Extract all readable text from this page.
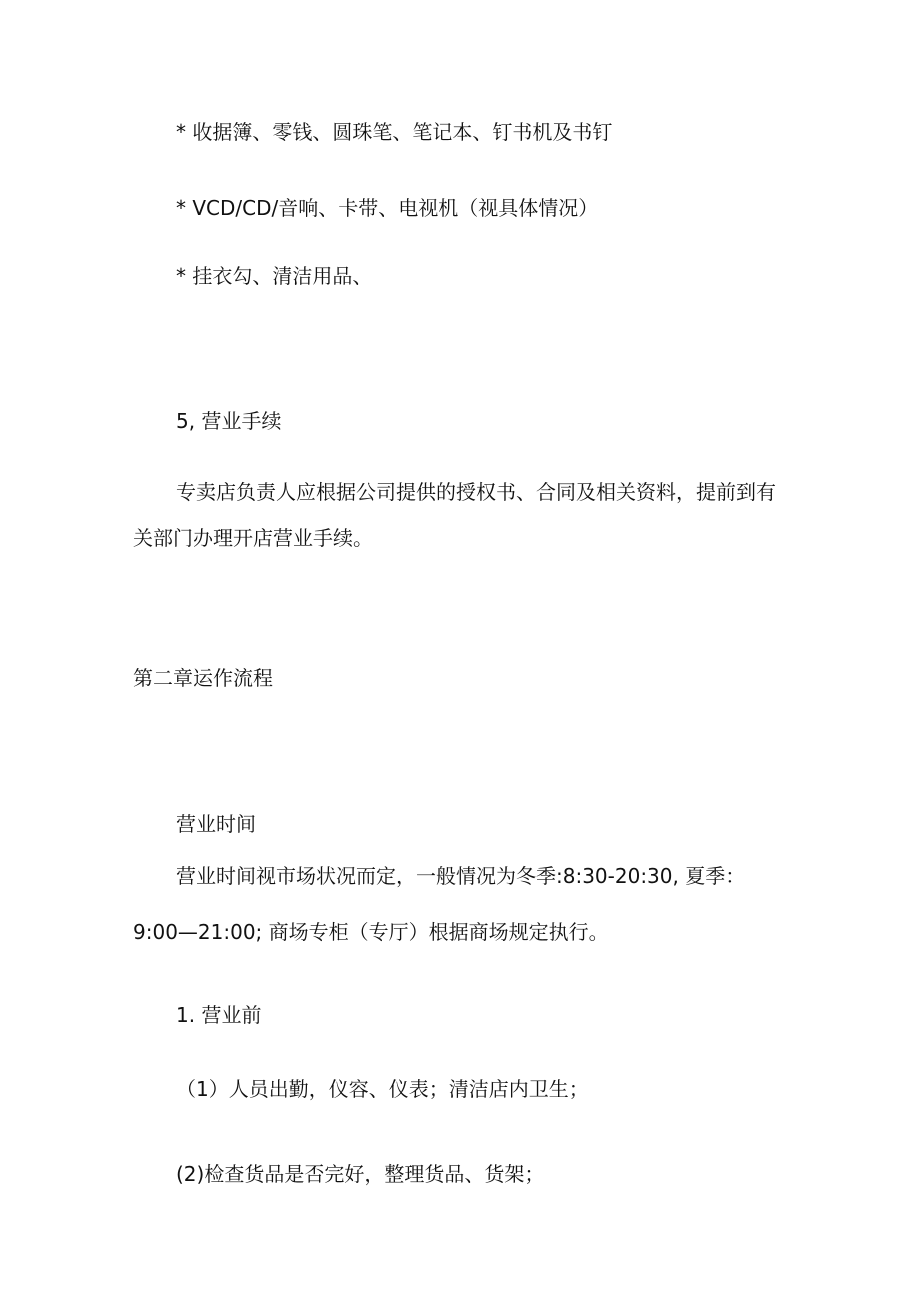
* 收据簿、零钱、圆珠笔、笔记本、钉书机及书钉
* VCD/CD/音响、卡带、电视机（视具体情况）
* 挂衣勾、清洁用品、
5, 营业手续
专卖店负责人应根据公司提供的授权书、合同及相关资料，提前到有
关部门办理开店营业手续。
第二章运作流程
营业时间
营业时间视市场状况而定，一般情况为冬季:8:30-20:30, 夏季：
9:00—21:00; 商场专柜（专厅）根据商场规定执行。
1. 营业前
（1）人员出勤，仪容、仪表；清洁店内卫生；
(2)检查货品是否完好，整理货品、货架；
